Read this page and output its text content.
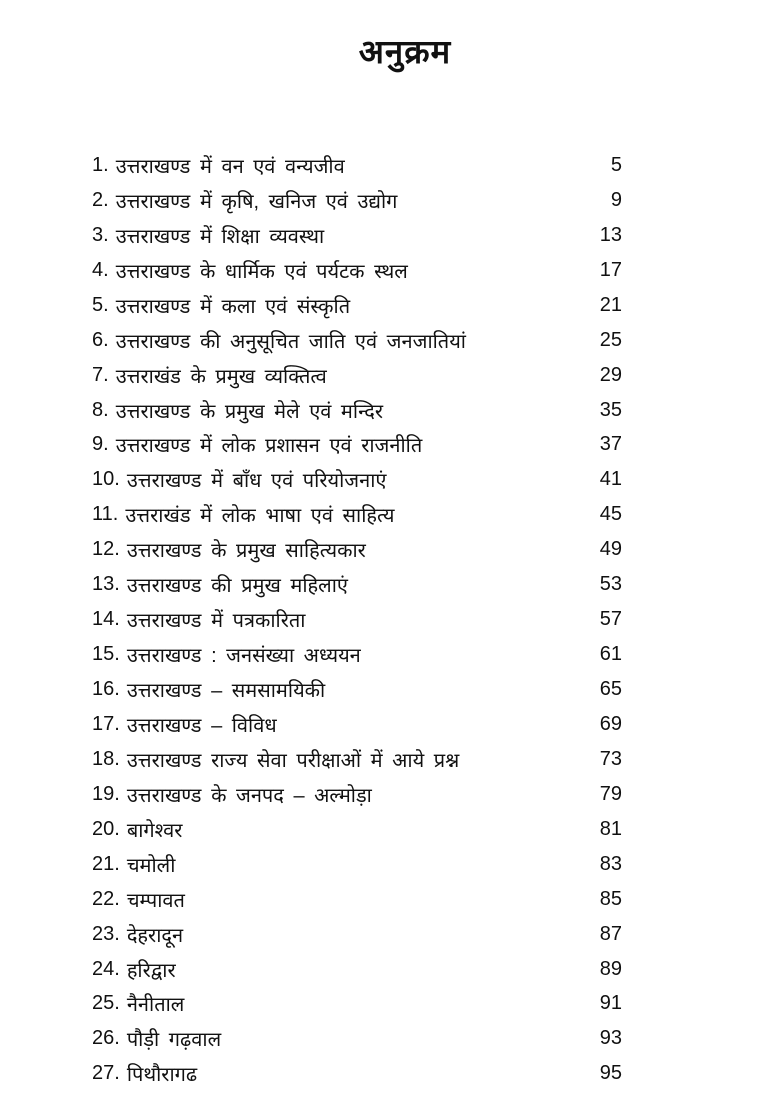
अनुक्रम
1. उत्तराखण्ड में वन एवं वन्यजीव	5
2. उत्तराखण्ड में कृषि, खनिज एवं उद्योग	9
3. उत्तराखण्ड में शिक्षा व्यवस्था	13
4. उत्तराखण्ड के धार्मिक एवं पर्यटक स्थल	17
5. उत्तराखण्ड में कला एवं संस्कृति	21
6. उत्तराखण्ड की अनुसूचित जाति एवं जनजातियां	25
7. उत्तराखंड के प्रमुख व्यक्तित्व	29
8. उत्तराखण्ड के प्रमुख मेले एवं मन्दिर	35
9. उत्तराखण्ड में लोक प्रशासन एवं राजनीति	37
10. उत्तराखण्ड में बाँध एवं परियोजनाएं	41
11. उत्तराखंड में लोक भाषा एवं साहित्य	45
12. उत्तराखण्ड के प्रमुख साहित्यकार	49
13. उत्तराखण्ड की प्रमुख महिलाएं	53
14. उत्तराखण्ड में पत्रकारिता	57
15. उत्तराखण्ड : जनसंख्या अध्ययन	61
16. उत्तराखण्ड – समसामयिकी	65
17. उत्तराखण्ड – विविध	69
18. उत्तराखण्ड राज्य सेवा परीक्षाओं में आये प्रश्न	73
19. उत्तराखण्ड के जनपद – अल्मोड़ा	79
20. बागेश्वर	81
21. चमोली	83
22. चम्पावत	85
23. देहरादून	87
24. हरिद्वार	89
25. नैनीताल	91
26. पौड़ी गढ़वाल	93
27. पिथौरागढ	95
